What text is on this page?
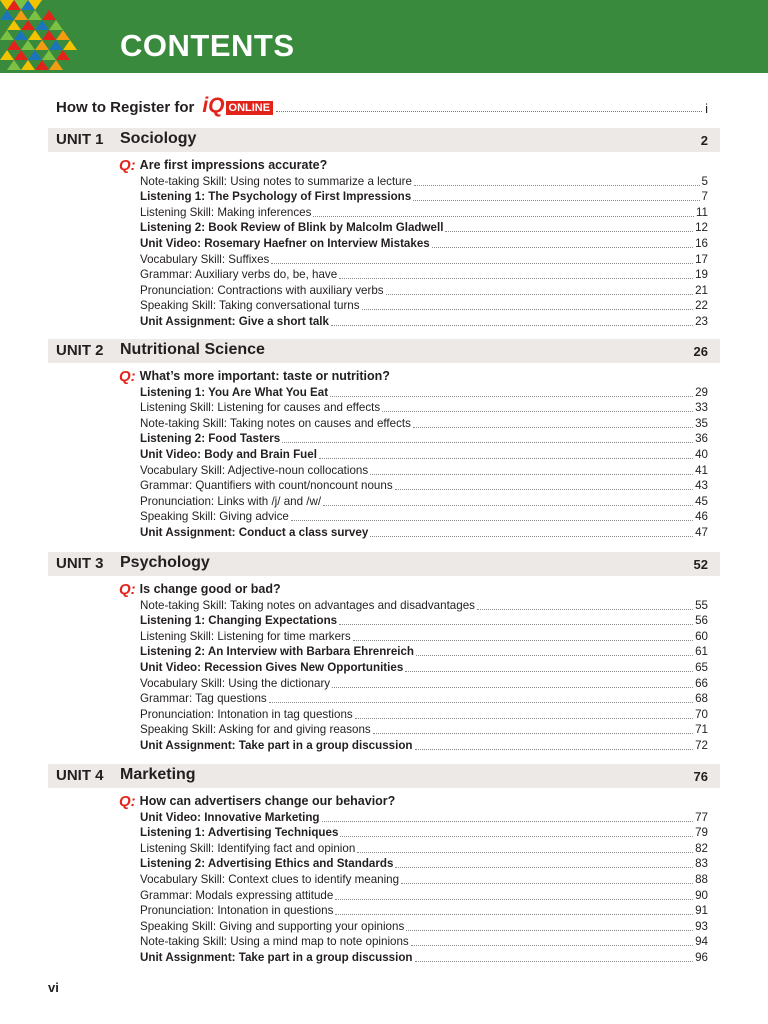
CONTENTS
How to Register for iQ ONLINE	i
UNIT 1 Sociology	2
Q: Are first impressions accurate?
Note-taking Skill: Using notes to summarize a lecture	5
Listening 1: The Psychology of First Impressions	7
Listening Skill: Making inferences	11
Listening 2: Book Review of Blink by Malcolm Gladwell	12
Unit Video: Rosemary Haefner on Interview Mistakes	16
Vocabulary Skill: Suffixes	17
Grammar: Auxiliary verbs do, be, have	19
Pronunciation: Contractions with auxiliary verbs	21
Speaking Skill: Taking conversational turns	22
Unit Assignment: Give a short talk	23
UNIT 2 Nutritional Science	26
Q: What’s more important: taste or nutrition?
Listening 1: You Are What You Eat	29
Listening Skill: Listening for causes and effects	33
Note-taking Skill: Taking notes on causes and effects	35
Listening 2: Food Tasters	36
Unit Video: Body and Brain Fuel	40
Vocabulary Skill: Adjective-noun collocations	41
Grammar: Quantifiers with count/noncount nouns	43
Pronunciation: Links with /j/ and /w/	45
Speaking Skill: Giving advice	46
Unit Assignment: Conduct a class survey	47
UNIT 3 Psychology	52
Q: Is change good or bad?
Note-taking Skill: Taking notes on advantages and disadvantages	55
Listening 1: Changing Expectations	56
Listening Skill: Listening for time markers	60
Listening 2: An Interview with Barbara Ehrenreich	61
Unit Video: Recession Gives New Opportunities	65
Vocabulary Skill: Using the dictionary	66
Grammar: Tag questions	68
Pronunciation: Intonation in tag questions	70
Speaking Skill: Asking for and giving reasons	71
Unit Assignment: Take part in a group discussion	72
UNIT 4 Marketing	76
Q: How can advertisers change our behavior?
Unit Video: Innovative Marketing	77
Listening 1: Advertising Techniques	79
Listening Skill: Identifying fact and opinion	82
Listening 2: Advertising Ethics and Standards	83
Vocabulary Skill: Context clues to identify meaning	88
Grammar: Modals expressing attitude	90
Pronunciation: Intonation in questions	91
Speaking Skill: Giving and supporting your opinions	93
Note-taking Skill: Using a mind map to note opinions	94
Unit Assignment: Take part in a group discussion	96
vi
